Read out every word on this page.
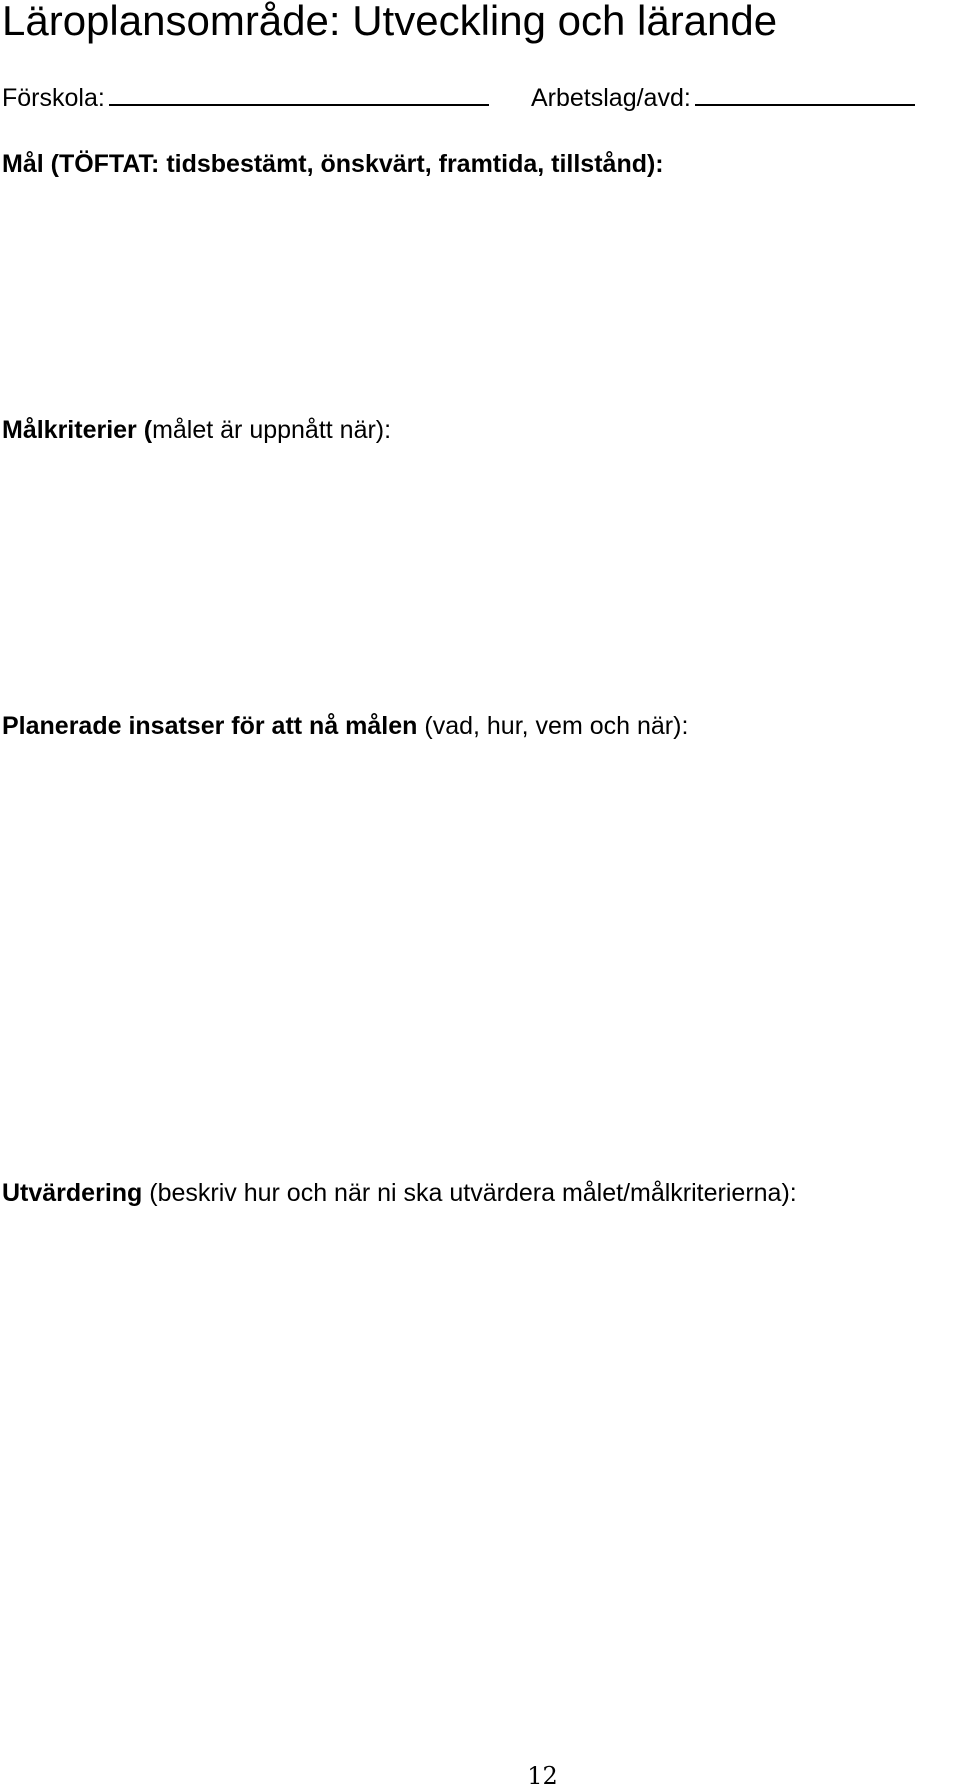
Läroplansområde: Utveckling och lärande
Förskola:	Arbetslag/avd:
Mål (TÖFTAT: tidsbestämt, önskvärt, framtida, tillstånd):
Målkriterier (målet är uppnått när):
Planerade insatser för att nå målen (vad, hur, vem och när):
Utvärdering (beskriv hur och när ni ska utvärdera målet/målkriterierna):
12
